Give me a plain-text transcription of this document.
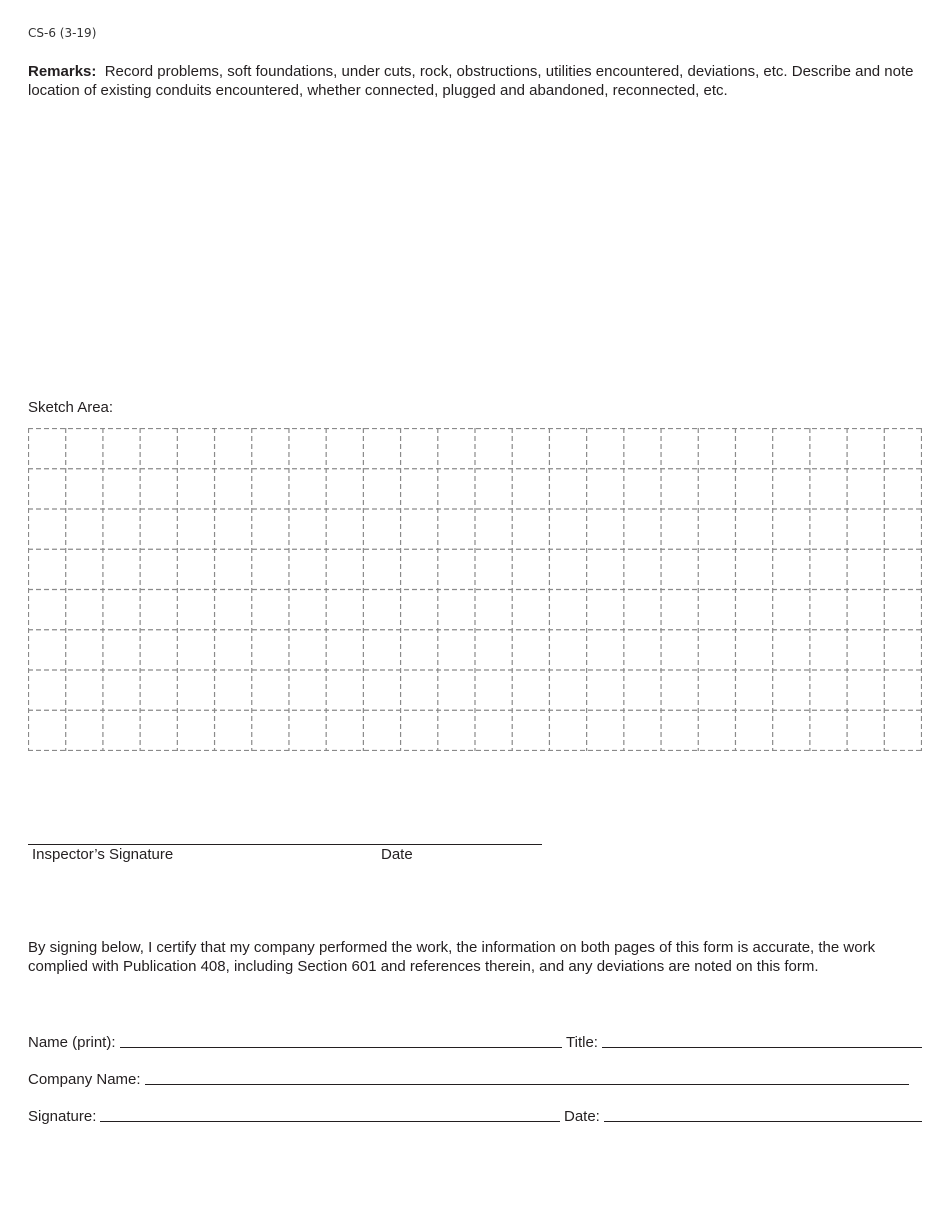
CS-6 (3-19)
Remarks: Record problems, soft foundations, under cuts, rock, obstructions, utilities encountered, deviations, etc. Describe and note location of existing conduits encountered, whether connected, plugged and abandoned, reconnected, etc.
Sketch Area:
Inspector’s Signature	Date
By signing below, I certify that my company performed the work, the information on both pages of this form is accurate, the work complied with Publication 408, including Section 601 and references therein, and any deviations are noted on this form.
Name (print):	Title:
Company Name:
Signature:	Date:
